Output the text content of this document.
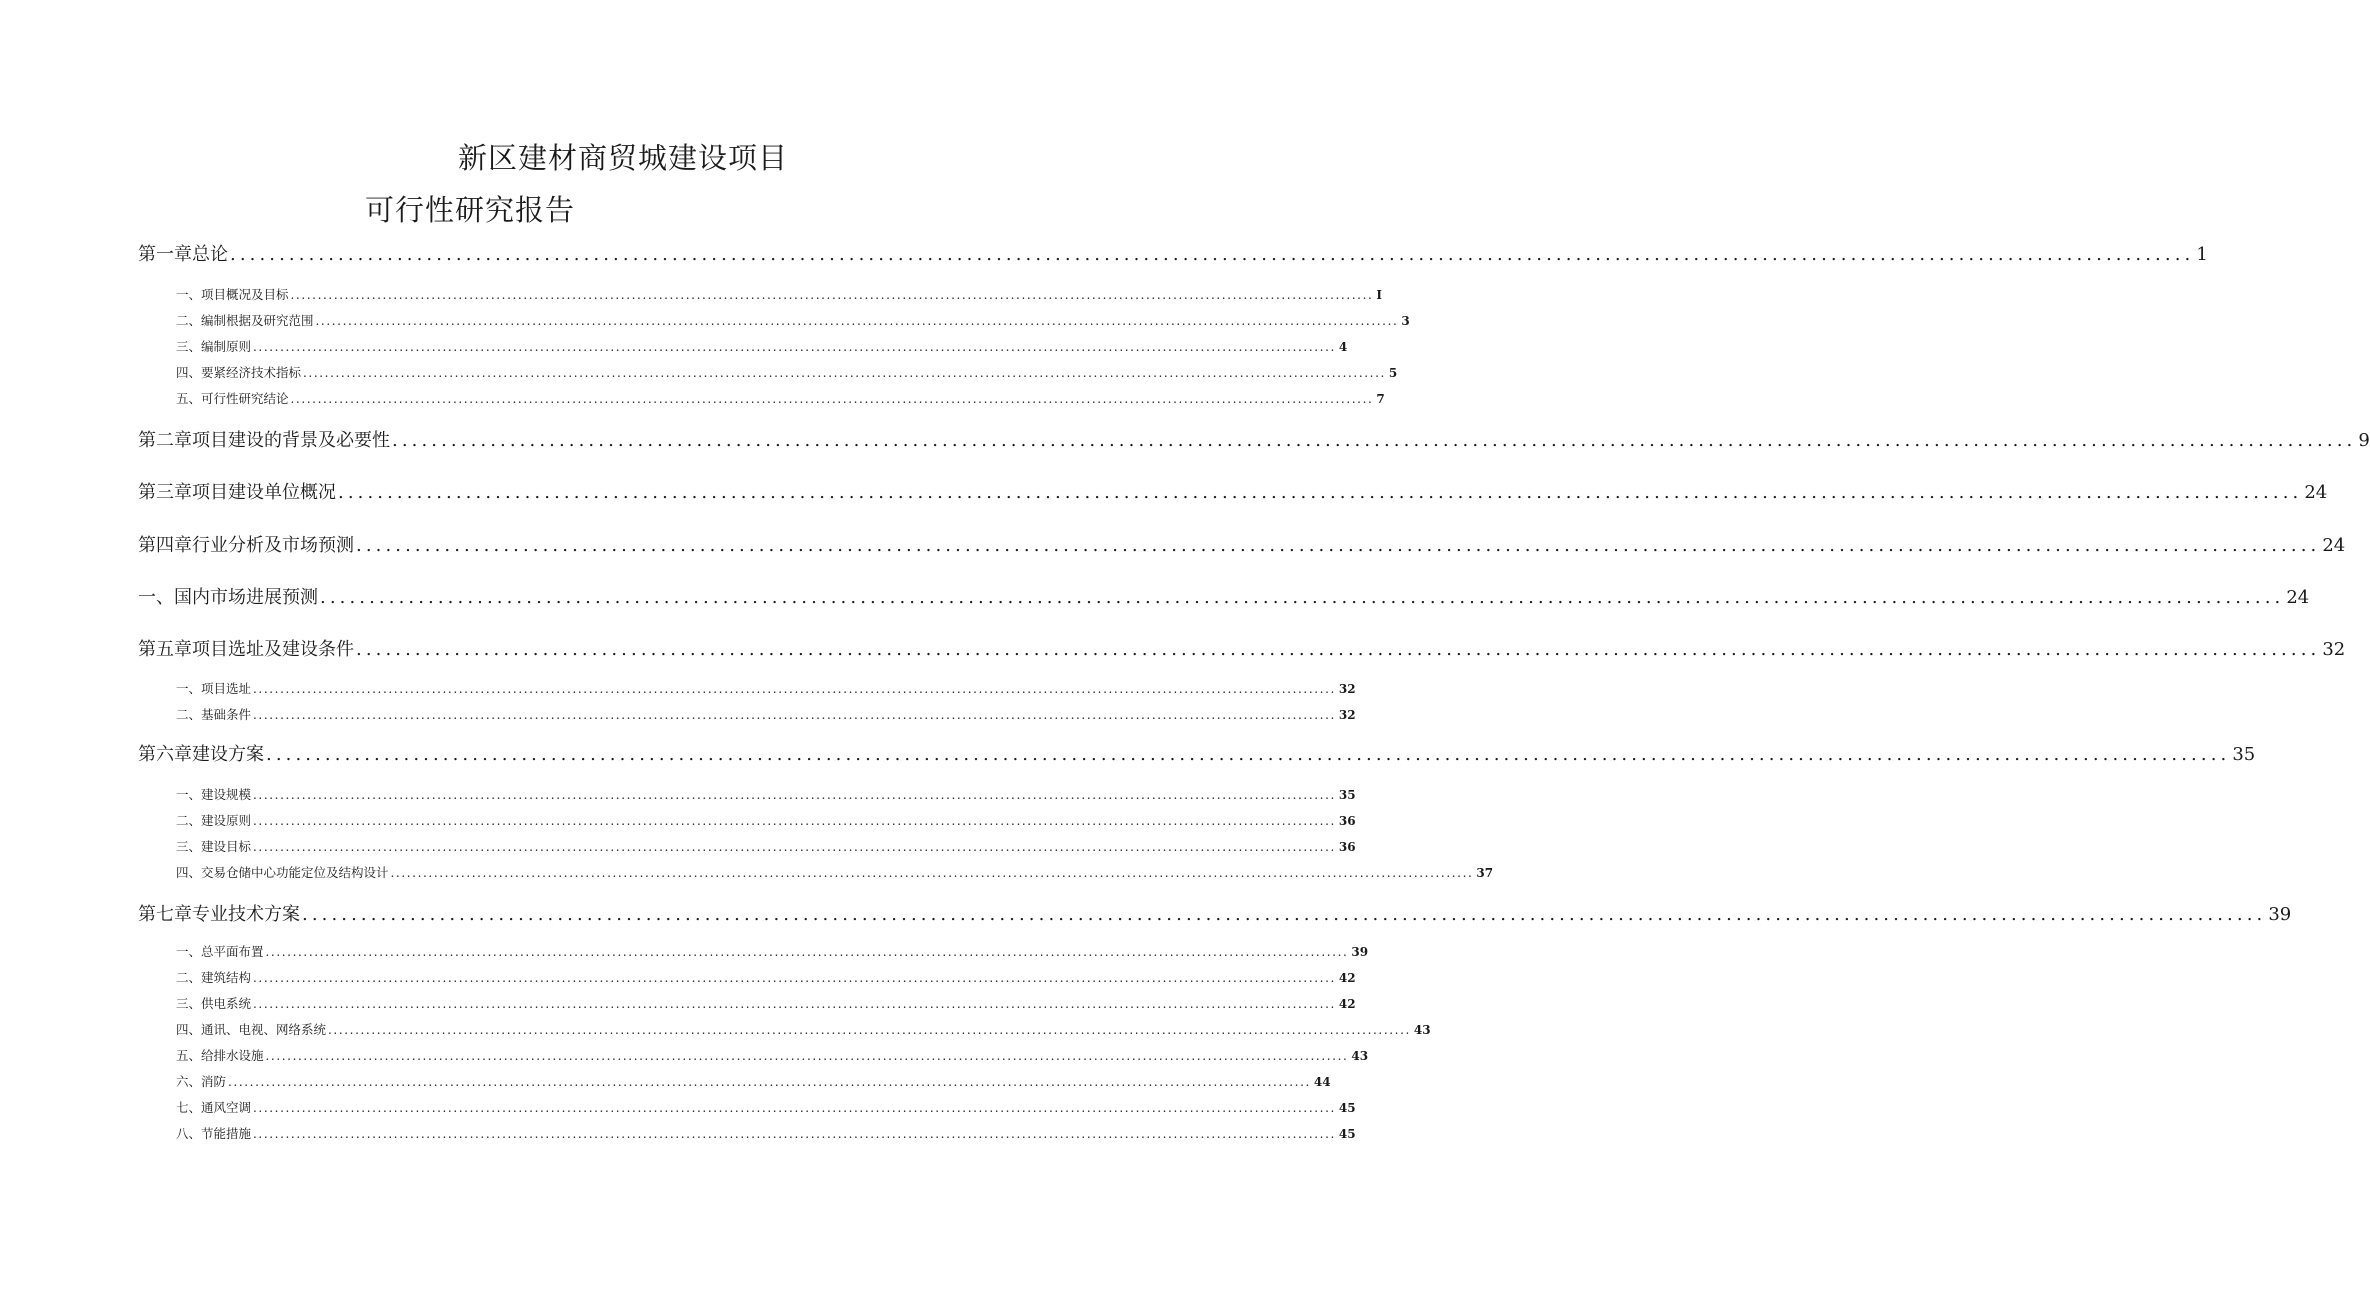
新区建材商贸城建设项目
可行性研究报告
第一章总论 ........................................................................................................................................................................................................ 1
一、项目概况及目标 ........................................................................................................................................................................................................ I
二、编制根据及研究范围 ........................................................................................................................................................................................................ 3
三、编制原则 ........................................................................................................................................................................................................ 4
四、要紧经济技术指标 ........................................................................................................................................................................................................ 5
五、可行性研究结论 ........................................................................................................................................................................................................ 7
第二章项目建设的背景及必要性 ........................................................................................................................................................................................................ 9
第三章项目建设单位概况 ........................................................................................................................................................................................................ 24
第四章行业分析及市场预测 ........................................................................................................................................................................................................ 24
一、国内市场进展预测 ........................................................................................................................................................................................................ 24
第五章项目选址及建设条件 ........................................................................................................................................................................................................ 32
一、项目选址 ........................................................................................................................................................................................................ 32
二、基础条件 ........................................................................................................................................................................................................ 32
第六章建设方案 ........................................................................................................................................................................................................ 35
一、建设规模 ........................................................................................................................................................................................................ 35
二、建设原则 ........................................................................................................................................................................................................ 36
三、建设目标 ........................................................................................................................................................................................................ 36
四、交易仓储中心功能定位及结构设计 ........................................................................................................................................................................................................ 37
第七章专业技术方案 ........................................................................................................................................................................................................ 39
一、总平面布置 ........................................................................................................................................................................................................ 39
二、建筑结构 ........................................................................................................................................................................................................ 42
三、供电系统 ........................................................................................................................................................................................................ 42
四、通讯、电视、网络系统 ........................................................................................................................................................................................................ 43
五、给排水设施 ........................................................................................................................................................................................................ 43
六、消防 ........................................................................................................................................................................................................ 44
七、通风空调 ........................................................................................................................................................................................................ 45
八、节能措施 ........................................................................................................................................................................................................ 45
